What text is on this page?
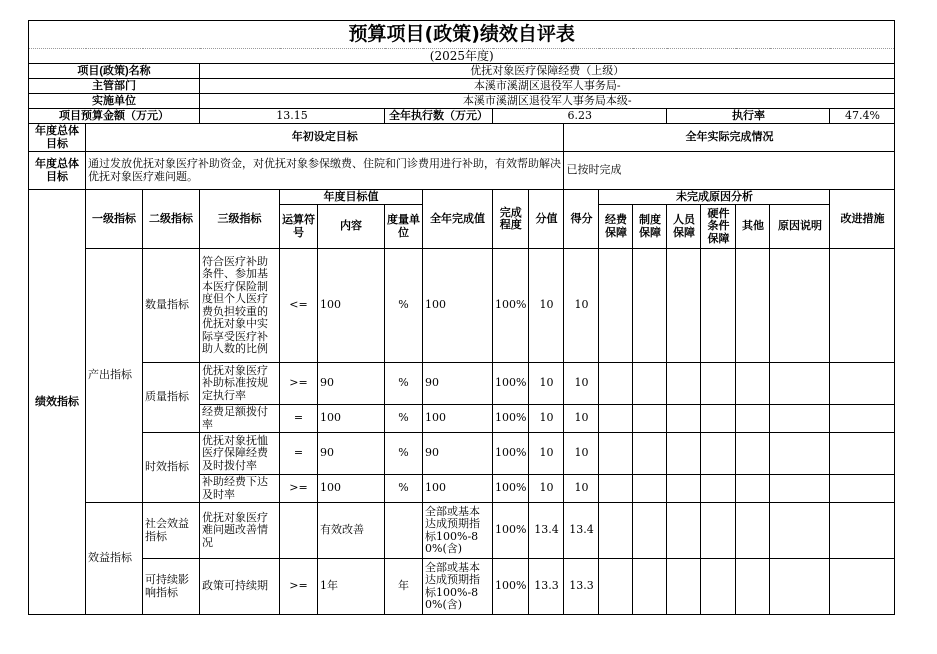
预算项目(政策)绩效自评表																	
(2025年度)																	
项目(政策)名称			优抚对象医疗保障经费（上级）														
主管部门			本溪市溪湖区退役军人事务局-														
实施单位			本溪市溪湖区退役军人事务局本级-														
项目预算金额（万元）			13.15			全年执行数（万元）		6.23					执行率				47.4%
年度总体目标	年初设定目标									全年实际完成情况							
年度总体目标	通过发放优抚对象医疗补助资金，对优抚对象参保缴费、住院和门诊费用进行补助，有效帮助解决优抚对象医疗难问题。									已按时完成							
绩效指标	一级指标	二级指标	三级指标	年度目标值			全年完成值	完成程度	分值	得分	未完成原因分析						改进措施
				运算符号	内容	度量单位					经费保障	制度保障	人员保障	硬件条件保障	其他	原因说明	
	产出指标	数量指标	符合医疗补助条件、参加基本医疗保险制度但个人医疗费负担较重的优抚对象中实际享受医疗补助人数的比例	<=	100	%	100	100%	10	10							
		质量指标	优抚对象医疗补助标准按规定执行率	>=	90	%	90	100%	10	10							
			经费足额拨付率	=	100	%	100	100%	10	10							
		时效指标	优抚对象抚恤医疗保障经费及时拨付率	=	90	%	90	100%	10	10							
			补助经费下达及时率	>=	100	%	100	100%	10	10							
	效益指标	社会效益指标	优抚对象医疗难问题改善情况		有效改善		全部或基本达成预期指标100%-80%(含)	100%	13.4	13.4							
		可持续影响指标	政策可持续期	>=	1年	年	全部或基本达成预期指标100%-80%(含)	100%	13.3	13.3							
